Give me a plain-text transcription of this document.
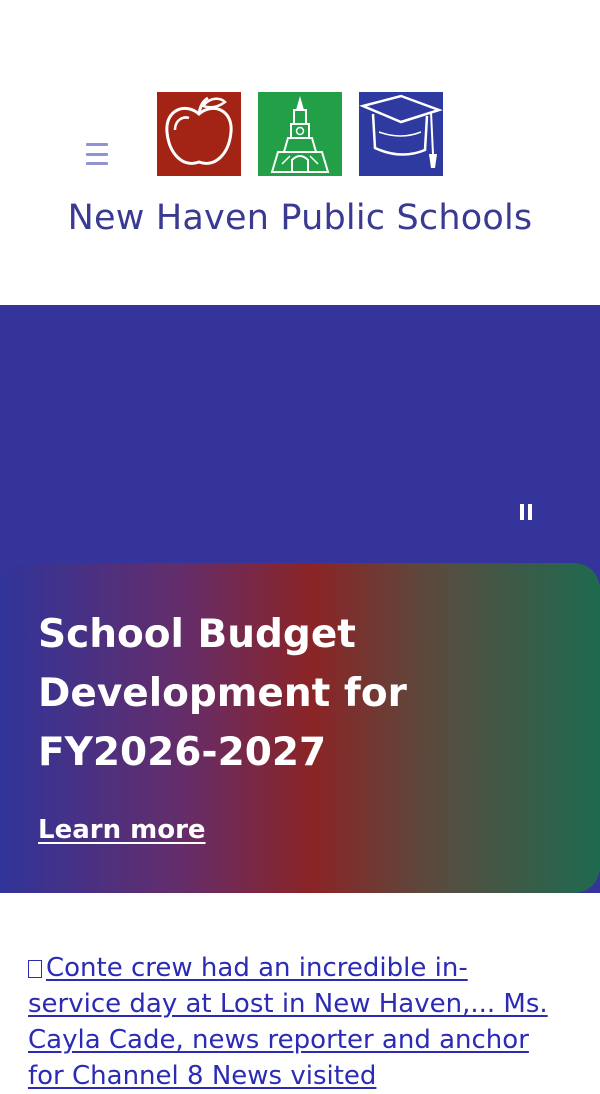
New Haven Public Schools
School Budget Development for FY2026-2027
Learn more
Conte crew had an incredible in-service day at Lost in New Haven,... Ms. Cayla Cade, news reporter and anchor for Channel 8 News visited
